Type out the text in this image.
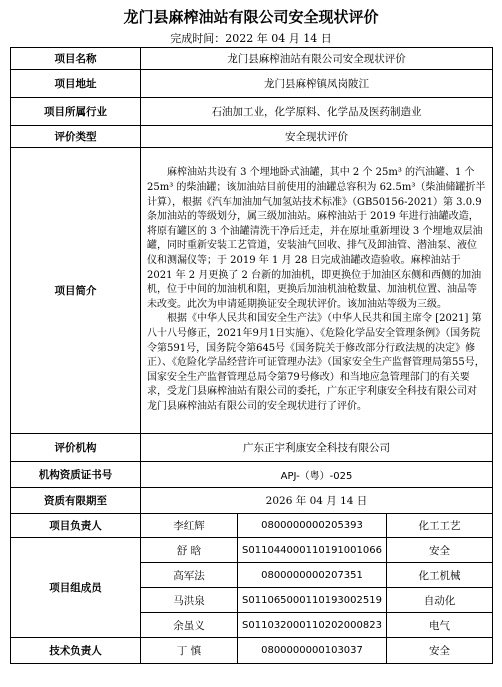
龙门县麻榨油站有限公司安全现状评价
完成时间：2022 年 04 月 14 日
项目名称	龙门县麻榨油站有限公司安全现状评价		
项目地址	龙门县麻榨镇凤岗陂江		
项目所属行业	石油加工业，化学原料、化学品及医药制造业		
评价类型	安全现状评价		
项目简介	麻榨油站共设有 3 个埋地卧式油罐，其中 2 个 25m³ 的汽油罐、1 个 25m³ 的柴油罐；该加油站目前使用的油罐总容积为 62.5m³（柴油储罐折半计算），根据《汽车加油加气加氢站技术标准》（GB50156-2021）第 3.0.9 条加油站的等级划分，属三级加油站。麻榨油站于 2019 年进行油罐改造，将原有罐区的 3 个油罐清洗干净后迁走，并在原址重新埋设 3 个埋地双层油罐，同时重新安装工艺管道，安装油气回收、排气及卸油管、潜油泵、液位仪和测漏仪等；于 2019 年 1 月 28 日完成油罐改造验收。麻榨油站于 2021 年 2 月更换了 2 台新的加油机，即更换位于加油区东侧和西侧的加油机，位于中间的加油机和阻，更换后加油机油枪数量、加油机位置、油品等未改变。此次为申请延期换证安全现状评价。该加油站等级为三级。

根据《中华人民共和国安全生产法》（中华人民共和国主席令 [2021] 第八十八号修正，2021年9月1日实施）、《危险化学品安全管理条例》（国务院令第591号，国务院令第645号《国务院关于修改部分行政法规的决定》修正）、《危险化学品经营许可证管理办法》（国家安全生产监督管理局第55号，国家安全生产监督管理总局令第79号修改）和当地应急管理部门的有关要求，受龙门县麻榨油站有限公司的委托，广东正宇利康安全科技有限公司对龙门县麻榨油站有限公司的安全现状进行了评价。		

评价机构	广东正宇利康安全科技有限公司		
机构资质证书号	APJ-（粤）-025		
资质有限期至	2026 年 04 月 14 日		
项目负责人	李红辉	0800000000205393	化工工艺
项目组成员	舒 晗	S011044000110191001066	安全
	高军法	0800000000207351	化工机械
	马洪泉	S011065000110193002519	自动化
	余虽义	S011032000110202000823	电气
技术负责人	丁 慎	0800000000103037	安全
